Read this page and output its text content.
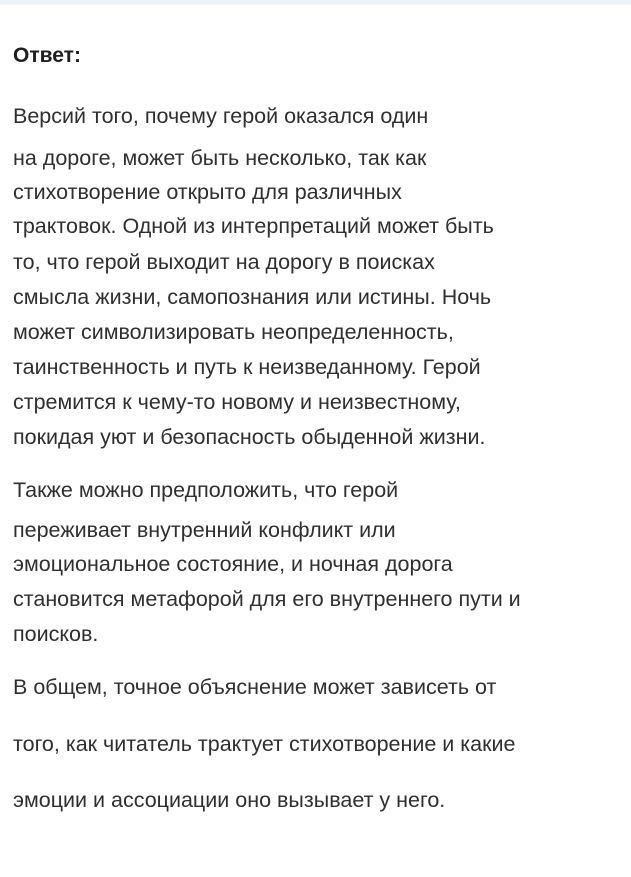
Ответ:
Версий того, почему герой оказался один
на дороге, может быть несколько, так как
стихотворение открыто для различных
трактовок. Одной из интерпретаций может быть
то, что герой выходит на дорогу в поисках
смысла жизни, самопознания или истины. Ночь
может символизировать неопределенность,
таинственность и путь к неизведанному. Герой
стремится к чему-то новому и неизвестному,
покидая уют и безопасность обыденной жизни.
Также можно предположить, что герой
переживает внутренний конфликт или
эмоциональное состояние, и ночная дорога
становится метафорой для его внутреннего пути и
поисков.
В общем, точное объяснение может зависеть от
того, как читатель трактует стихотворение и какие
эмоции и ассоциации оно вызывает у него.
